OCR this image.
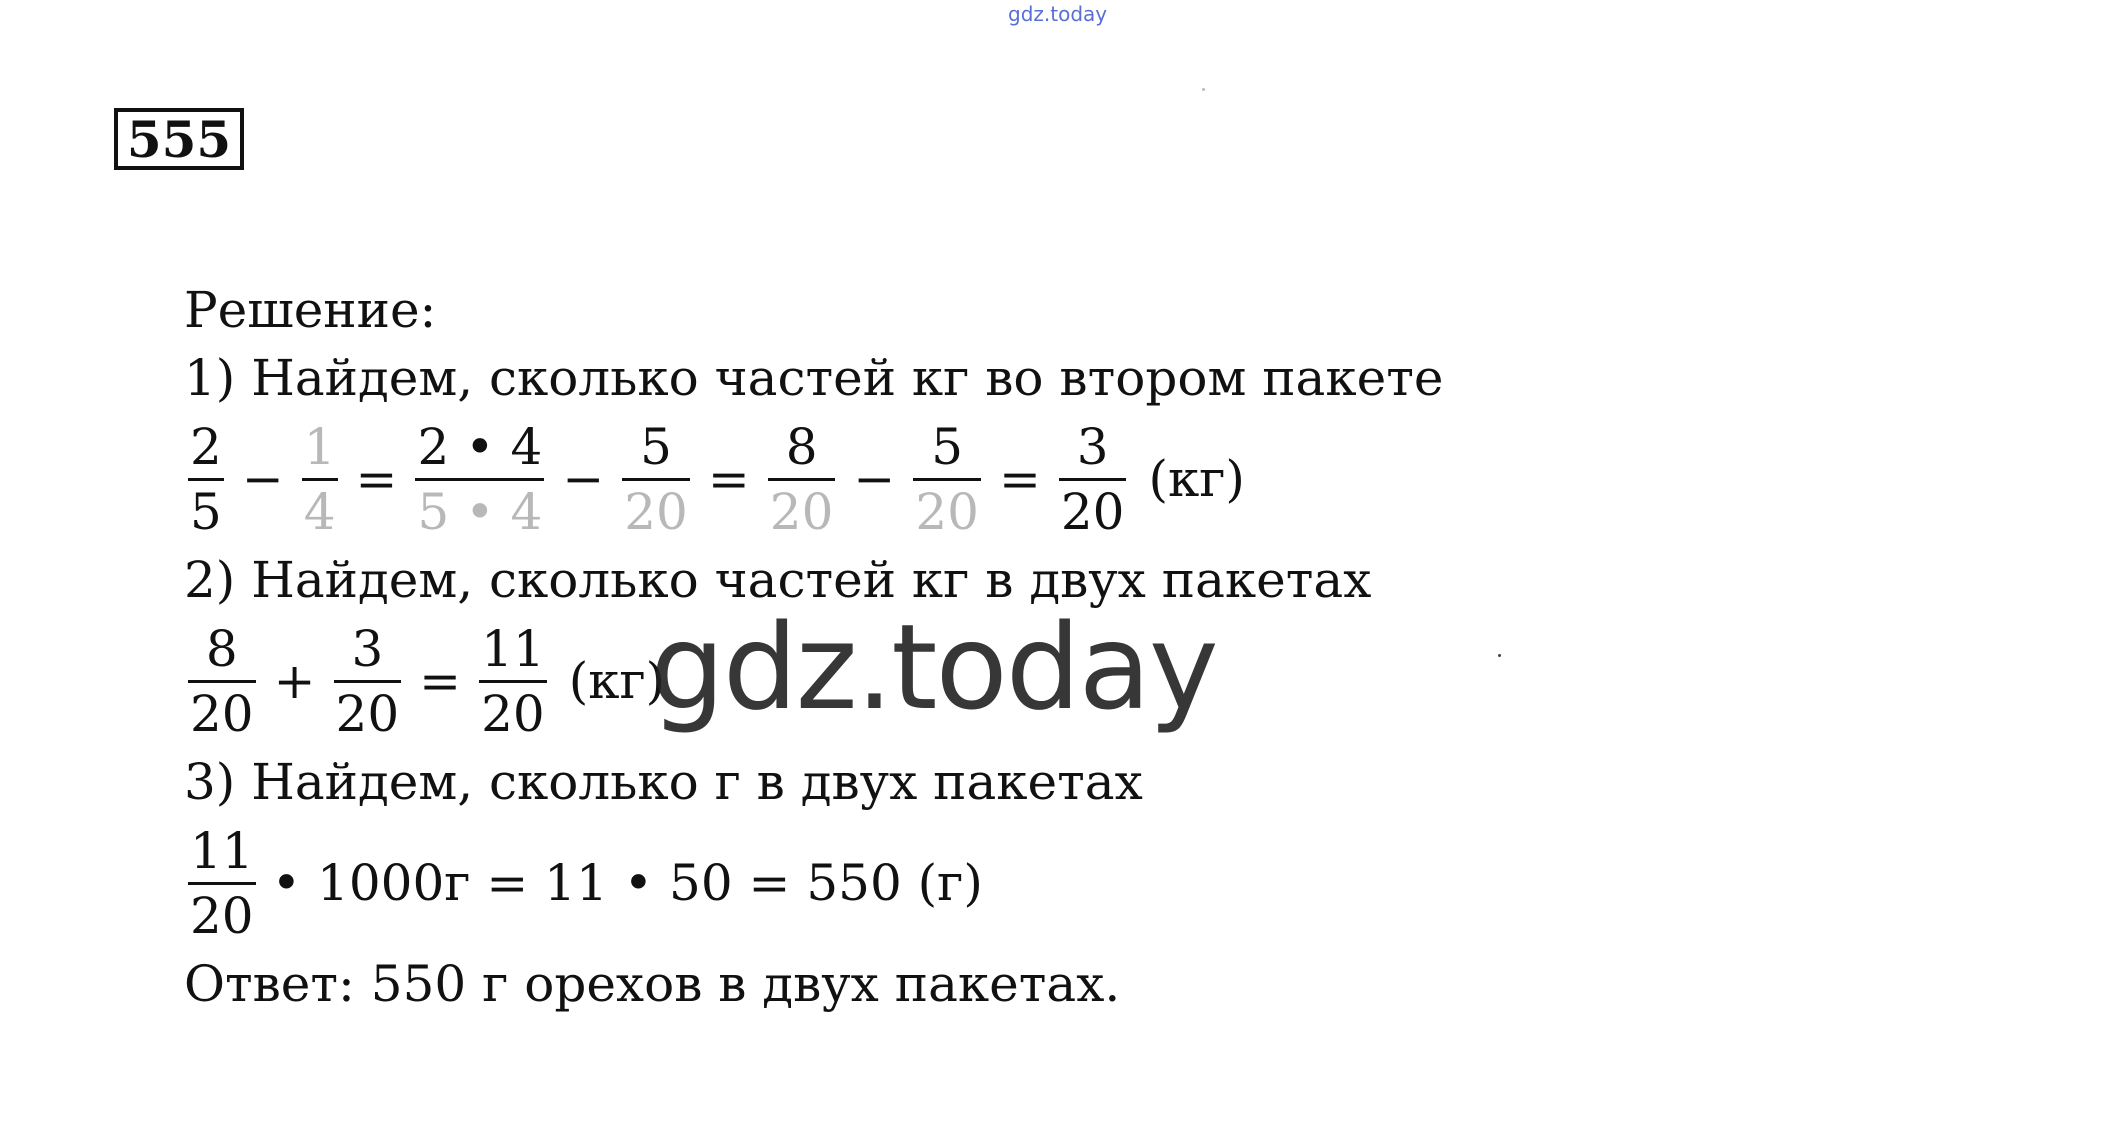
gdz.today
555
Решение:
1) Найдем, сколько частей кг во втором пакете
$\frac{2}{5} - \frac{1}{4} = \frac{2 • 4}{5 • 4} - \frac{5}{20} = \frac{8}{20} - \frac{5}{20} = \frac{3}{20} (кг)$
2) Найдем, сколько частей кг в двух пакетах
$\frac{8}{20} + \frac{3}{20} = \frac{11}{20} (кг)$
3) Найдем, сколько г в двух пакетах
$\frac{11}{20}$ • 1000г = 11 • 50 = 550 (г)
Ответ: 550 г орехов в двух пакетах.
gdz.today
